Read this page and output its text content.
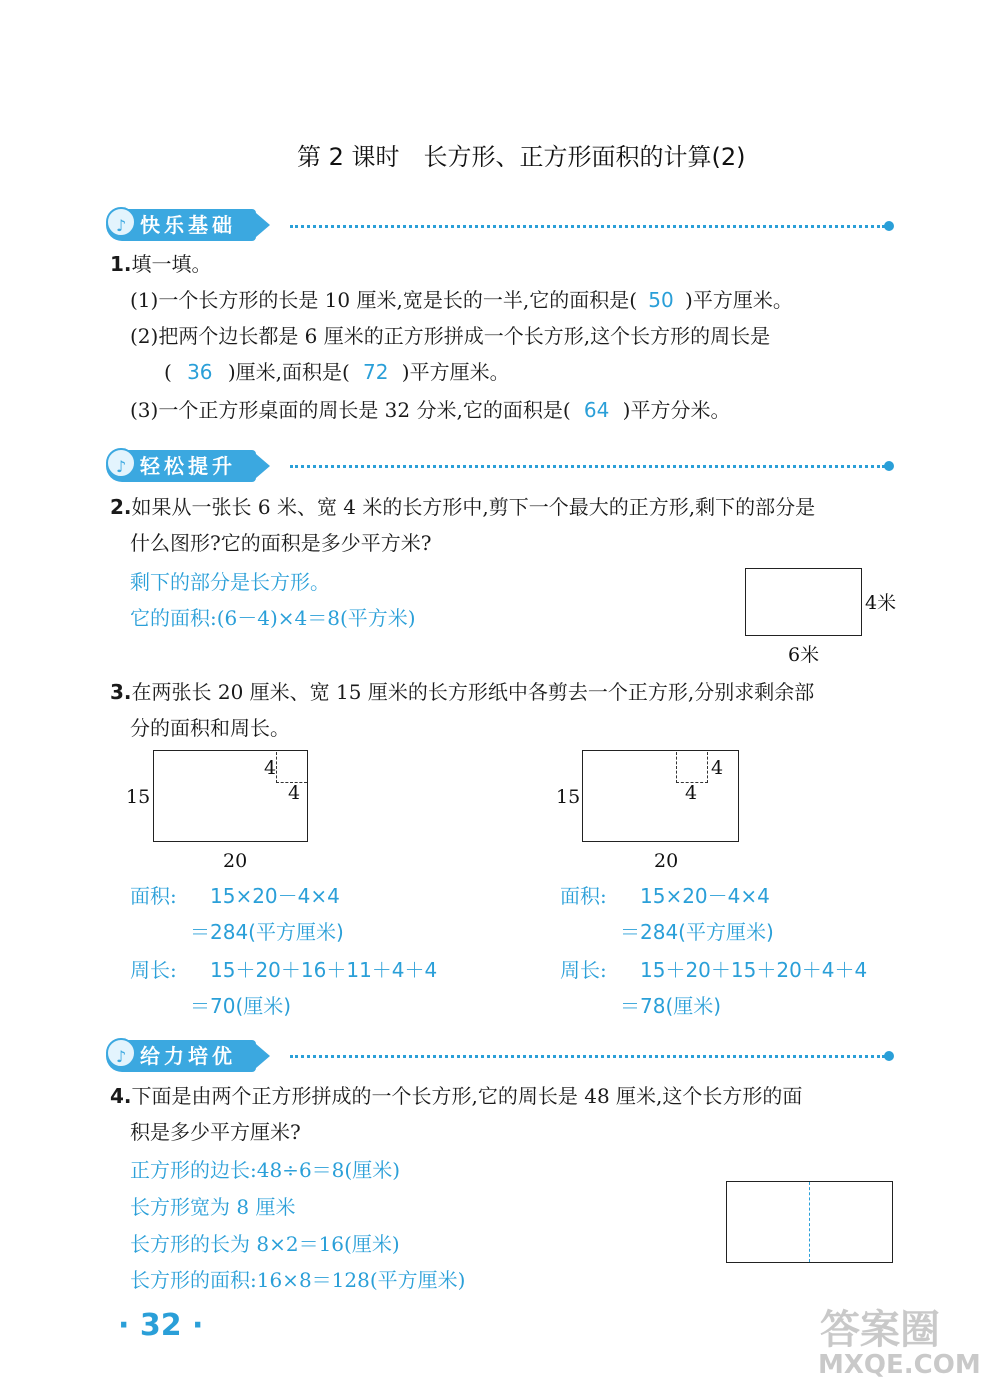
第 2 课时　长方形、正方形面积的计算(2)
♪
快乐基础
1.填一填。
(1)一个长方形的长是 10 厘米,宽是长的一半,它的面积是( 50 )平方厘米。
(2)把两个边长都是 6 厘米的正方形拼成一个长方形,这个长方形的周长是
( 36 )厘米,面积是( 72 )平方厘米。
(3)一个正方形桌面的周长是 32 分米,它的面积是( 64 )平方分米。
♪
轻松提升
2.如果从一张长 6 米、宽 4 米的长方形中,剪下一个最大的正方形,剩下的部分是
什么图形?它的面积是多少平方米?
剩下的部分是长方形。
它的面积:(6－4)×4＝8(平方米)
4米
6米
3.在两张长 20 厘米、宽 15 厘米的长方形纸中各剪去一个正方形,分别求剩余部
分的面积和周长。
4
4
15
20
4
4
15
20
面积: 15×20－4×4
＝284(平方厘米)
周长: 15＋20＋16＋11＋4＋4
＝70(厘米)
面积: 15×20－4×4
＝284(平方厘米)
周长: 15＋20＋15＋20＋4＋4
＝78(厘米)
♪
给力培优
4.下面是由两个正方形拼成的一个长方形,它的周长是 48 厘米,这个长方形的面
积是多少平方厘米?
正方形的边长:48÷6＝8(厘米)
长方形宽为 8 厘米
长方形的长为 8×2＝16(厘米)
长方形的面积:16×8＝128(平方厘米)
· 32 ·	答案圈
MXQE.COM
